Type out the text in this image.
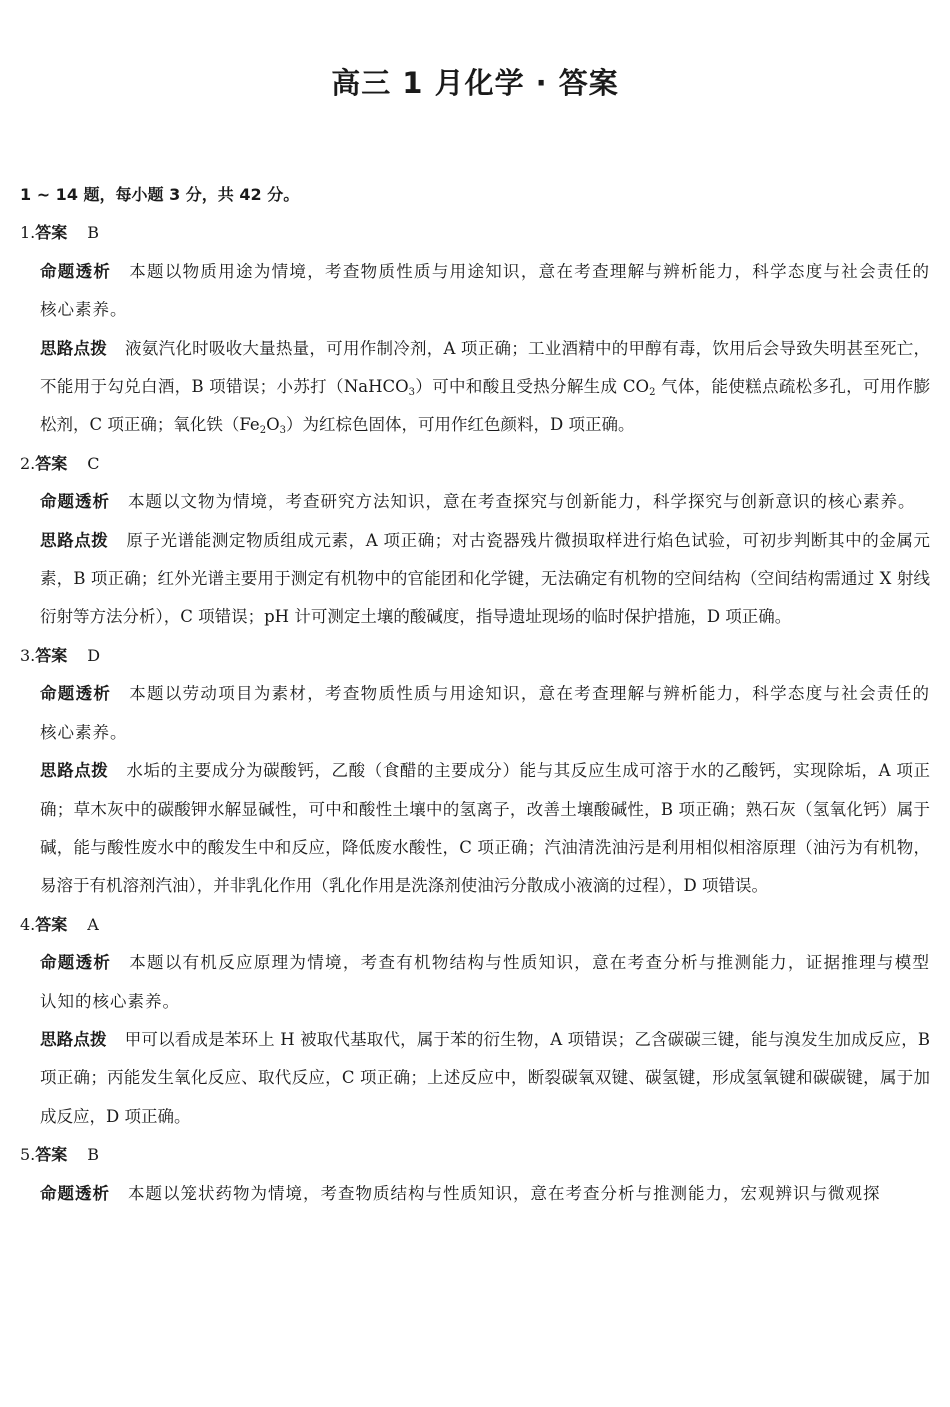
高三 1 月化学 · 答案
1 ~ 14 题，每小题 3 分，共 42 分。
1.答案 B
命题透析 本题以物质用途为情境，考查物质性质与用途知识，意在考查理解与辨析能力，科学态度与社会责任的核心素养。
思路点拨 液氨汽化时吸收大量热量，可用作制冷剂，A 项正确；工业酒精中的甲醇有毒，饮用后会导致失明甚至死亡，不能用于勾兑白酒，B 项错误；小苏打（NaHCO$_3$）可中和酸且受热分解生成 $CO_2$ 气体，能使糕点疏松多孔，可用作膨松剂，C 项正确；氧化铁$(Fe_2O_3)$为红棕色固体，可用作红色颜料，D 项正确。
2.答案 C
命题透析 本题以文物为情境，考查研究方法知识，意在考查探究与创新能力，科学探究与创新意识的核心素养。
思路点拨 原子光谱能测定物质组成元素，A 项正确；对古瓷器残片微损取样进行焰色试验，可初步判断其中的金属元素，B 项正确；红外光谱主要用于测定有机物中的官能团和化学键，无法确定有机物的空间结构（空间结构需通过 X 射线衍射等方法分析），C 项错误；pH 计可测定土壤的酸碱度，指导遗址现场的临时保护措施，D 项正确。
3.答案 D
命题透析 本题以劳动项目为素材，考查物质性质与用途知识，意在考查理解与辨析能力，科学态度与社会责任的核心素养。
思路点拨 水垢的主要成分为碳酸钙，乙酸（食醋的主要成分）能与其反应生成可溶于水的乙酸钙，实现除垢，A 项正确；草木灰中的碳酸钾水解显碱性，可中和酸性土壤中的氢离子，改善土壤酸碱性，B 项正确；熟石灰（氢氧化钙）属于碱，能与酸性废水中的酸发生中和反应，降低废水酸性，C 项正确；汽油清洗油污是利用相似相溶原理（油污为有机物，易溶于有机溶剂汽油），并非乳化作用（乳化作用是洗涤剂使油污分散成小液滴的过程），D 项错误。
4.答案 A
命题透析 本题以有机反应原理为情境，考查有机物结构与性质知识，意在考查分析与推测能力，证据推理与模型认知的核心素养。
思路点拨 甲可以看成是苯环上 H 被取代基取代，属于苯的衍生物，A 项错误；乙含碳碳三键，能与溴发生加成反应，B 项正确；丙能发生氧化反应、取代反应，C 项正确；上述反应中，断裂碳氧双键、碳氢键，形成氢氧键和碳碳键，属于加成反应，D 项正确。
5.答案 B
命题透析 本题以笼状药物为情境，考查物质结构与性质知识，意在考查分析与推测能力，宏观辨识与微观探
